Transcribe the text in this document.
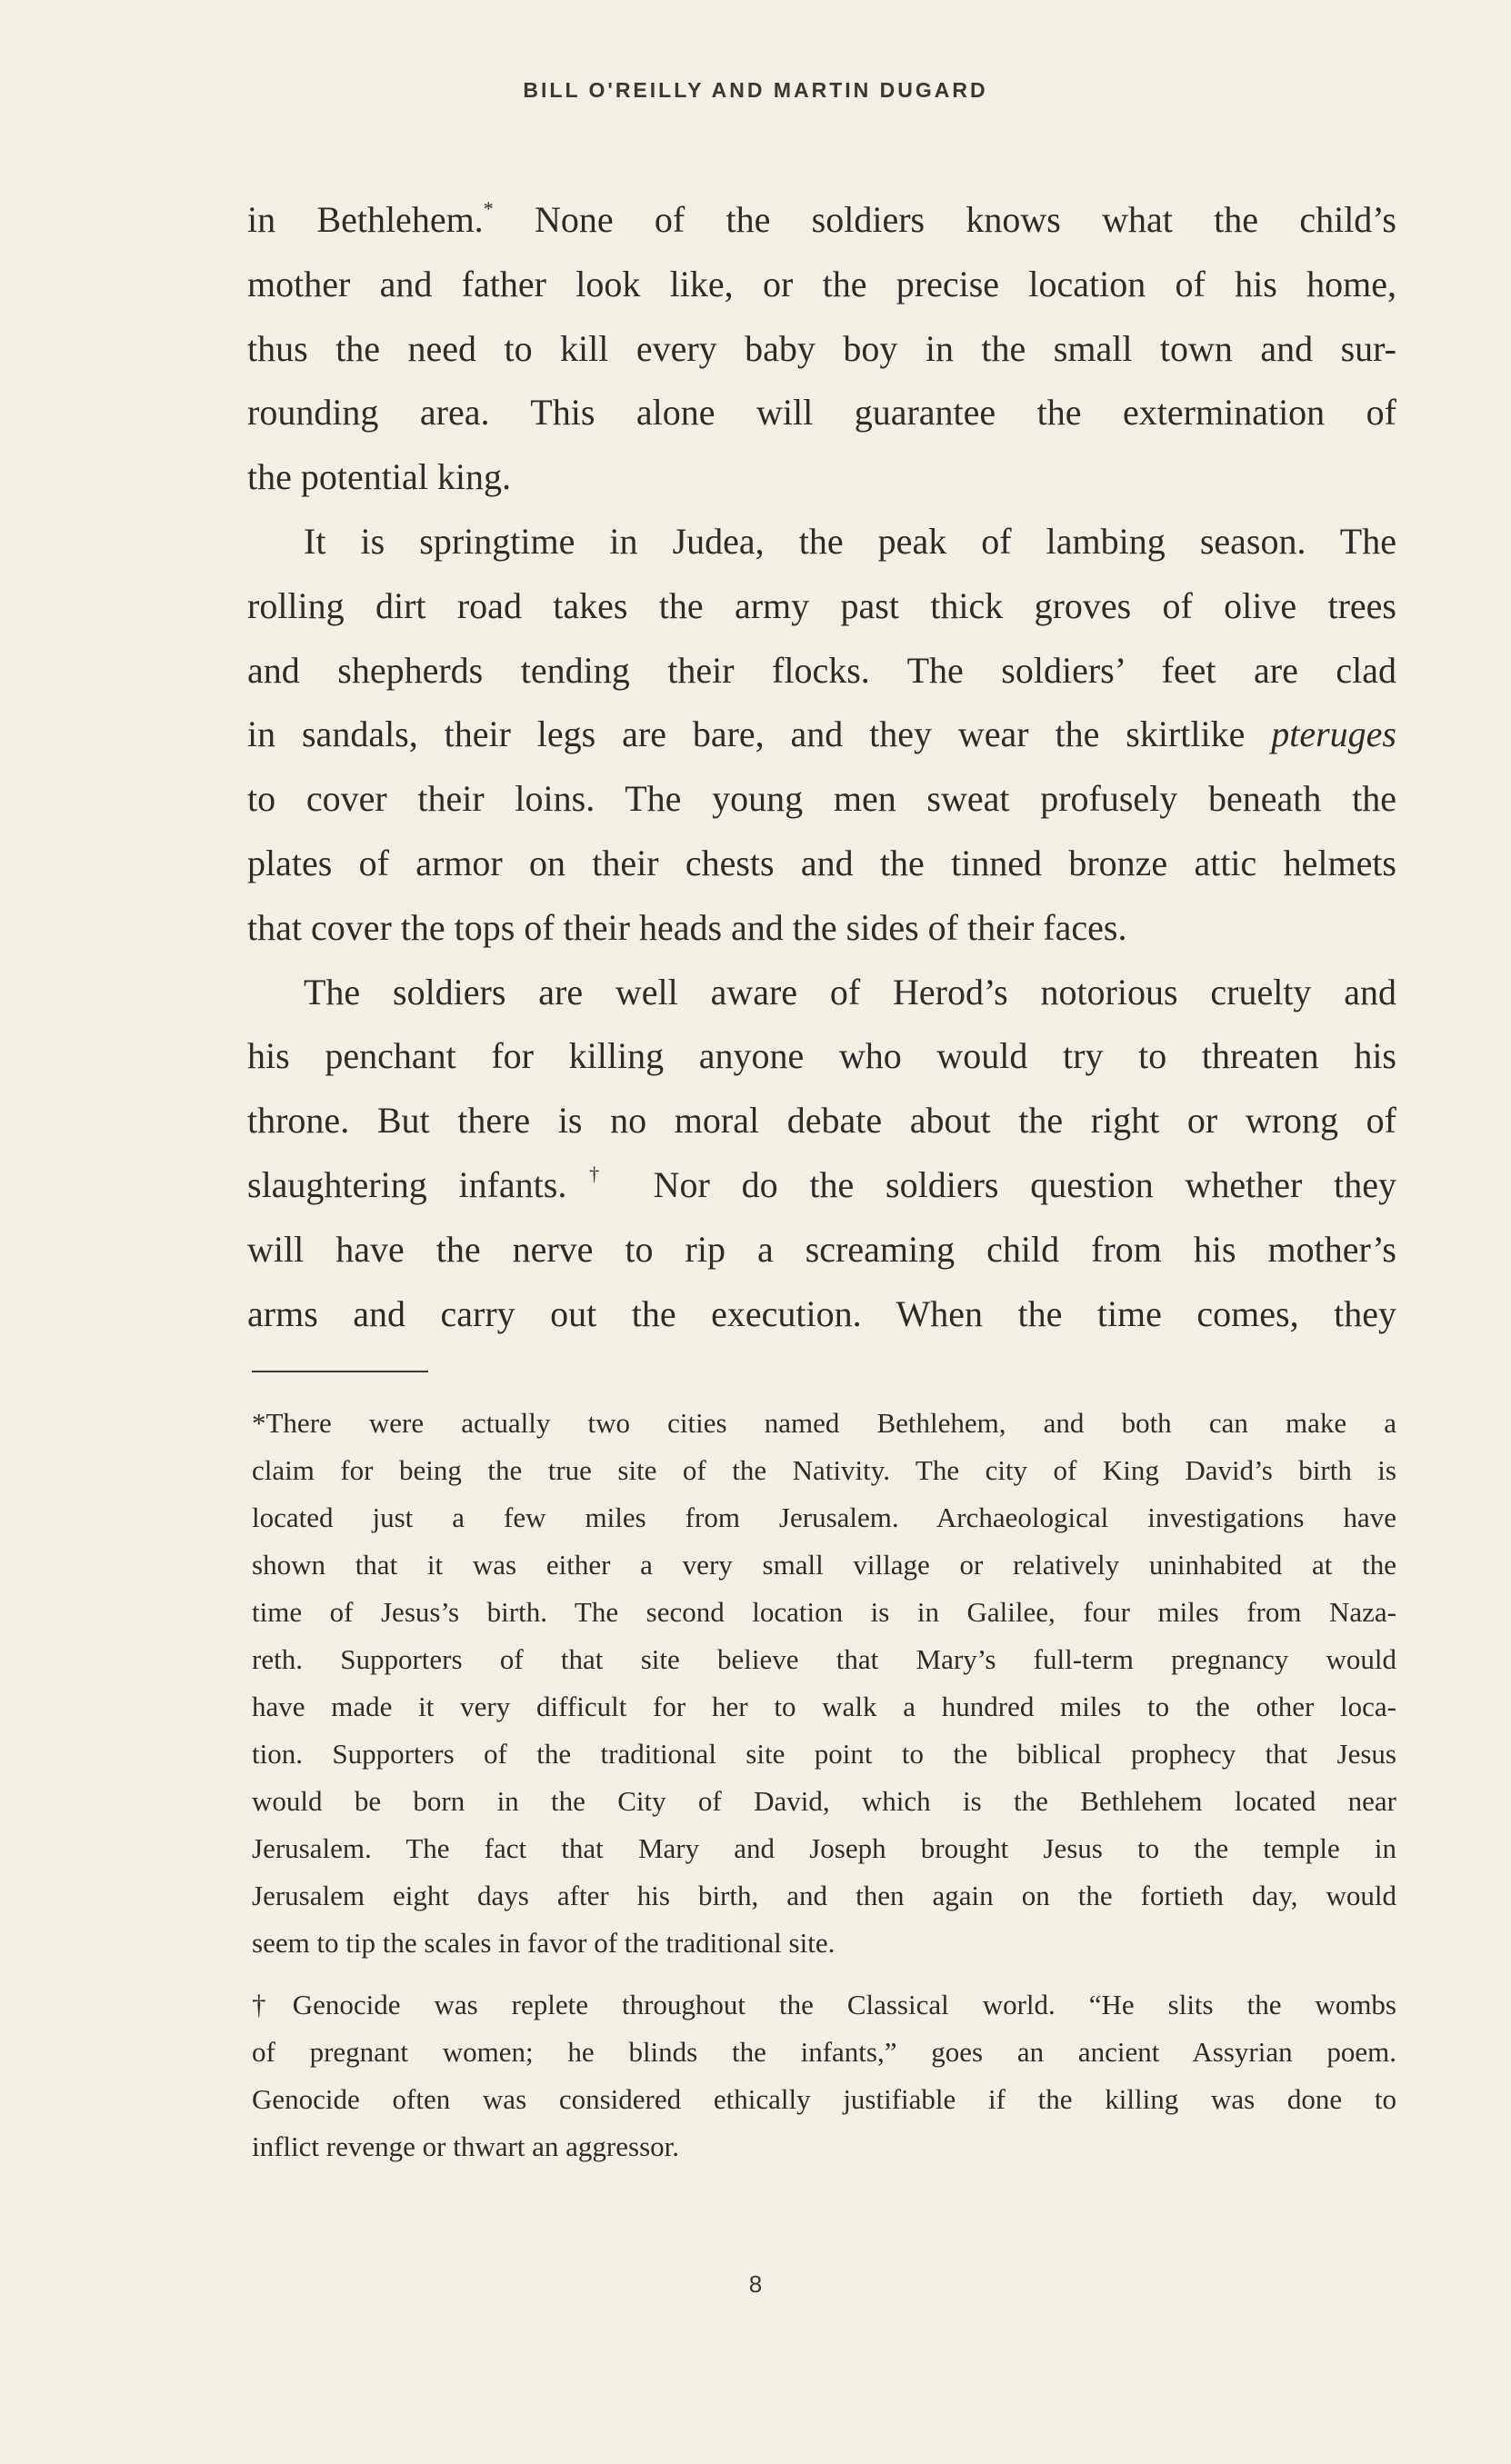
BILL O'REILLY AND MARTIN DUGARD
in Bethlehem.* None of the soldiers knows what the child’s
mother and father look like, or the precise location of his home,
thus the need to kill every baby boy in the small town and sur-
rounding area. This alone will guarantee the extermination of
the potential king.
It is springtime in Judea, the peak of lambing season. The
rolling dirt road takes the army past thick groves of olive trees
and shepherds tending their flocks. The soldiers’ feet are clad
in sandals, their legs are bare, and they wear the skirtlike pteruges
to cover their loins. The young men sweat profusely beneath the
plates of armor on their chests and the tinned bronze attic helmets
that cover the tops of their heads and the sides of their faces.
The soldiers are well aware of Herod’s notorious cruelty and
his penchant for killing anyone who would try to threaten his
throne. But there is no moral debate about the right or wrong of
slaughtering infants.† Nor do the soldiers question whether they
will have the nerve to rip a screaming child from his mother’s
arms and carry out the execution. When the time comes, they
*There were actually two cities named Bethlehem, and both can make a
claim for being the true site of the Nativity. The city of King David’s birth is
located just a few miles from Jerusalem. Archaeological investigations have
shown that it was either a very small village or relatively uninhabited at the
time of Jesus’s birth. The second location is in Galilee, four miles from Naza-
reth. Supporters of that site believe that Mary’s full-term pregnancy would
have made it very difficult for her to walk a hundred miles to the other loca-
tion. Supporters of the traditional site point to the biblical prophecy that Jesus
would be born in the City of David, which is the Bethlehem located near
Jerusalem. The fact that Mary and Joseph brought Jesus to the temple in
Jerusalem eight days after his birth, and then again on the fortieth day, would
seem to tip the scales in favor of the traditional site.
†Genocide was replete throughout the Classical world. “He slits the wombs
of pregnant women; he blinds the infants,” goes an ancient Assyrian poem.
Genocide often was considered ethically justifiable if the killing was done to
inflict revenge or thwart an aggressor.
8
